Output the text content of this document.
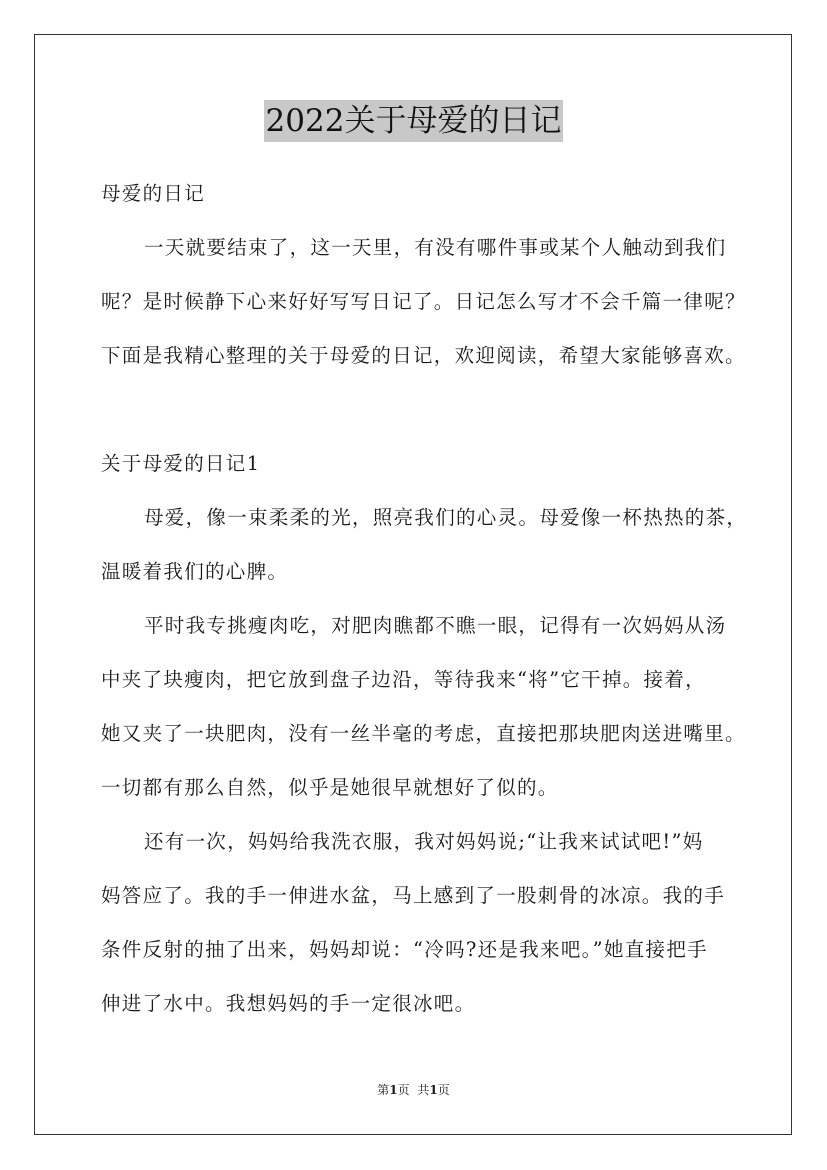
2022关于母爱的日记
母爱的日记
一天就要结束了，这一天里，有没有哪件事或某个人触动到我们
呢？是时候静下心来好好写写日记了。日记怎么写才不会千篇一律呢？
下面是我精心整理的关于母爱的日记，欢迎阅读，希望大家能够喜欢。
关于母爱的日记1
母爱，像一束柔柔的光，照亮我们的心灵。母爱像一杯热热的茶，
温暖着我们的心脾。
平时我专挑瘦肉吃，对肥肉瞧都不瞧一眼，记得有一次妈妈从汤
中夹了块瘦肉，把它放到盘子边沿，等待我来“将”它干掉。接着，
她又夹了一块肥肉，没有一丝半毫的考虑，直接把那块肥肉送进嘴里。
一切都有那么自然，似乎是她很早就想好了似的。
还有一次，妈妈给我洗衣服，我对妈妈说;“让我来试试吧!”妈
妈答应了。我的手一伸进水盆，马上感到了一股刺骨的冰凉。我的手
条件反射的抽了出来，妈妈却说：“冷吗?还是我来吧。”她直接把手
伸进了水中。我想妈妈的手一定很冰吧。
第1页 共1页
